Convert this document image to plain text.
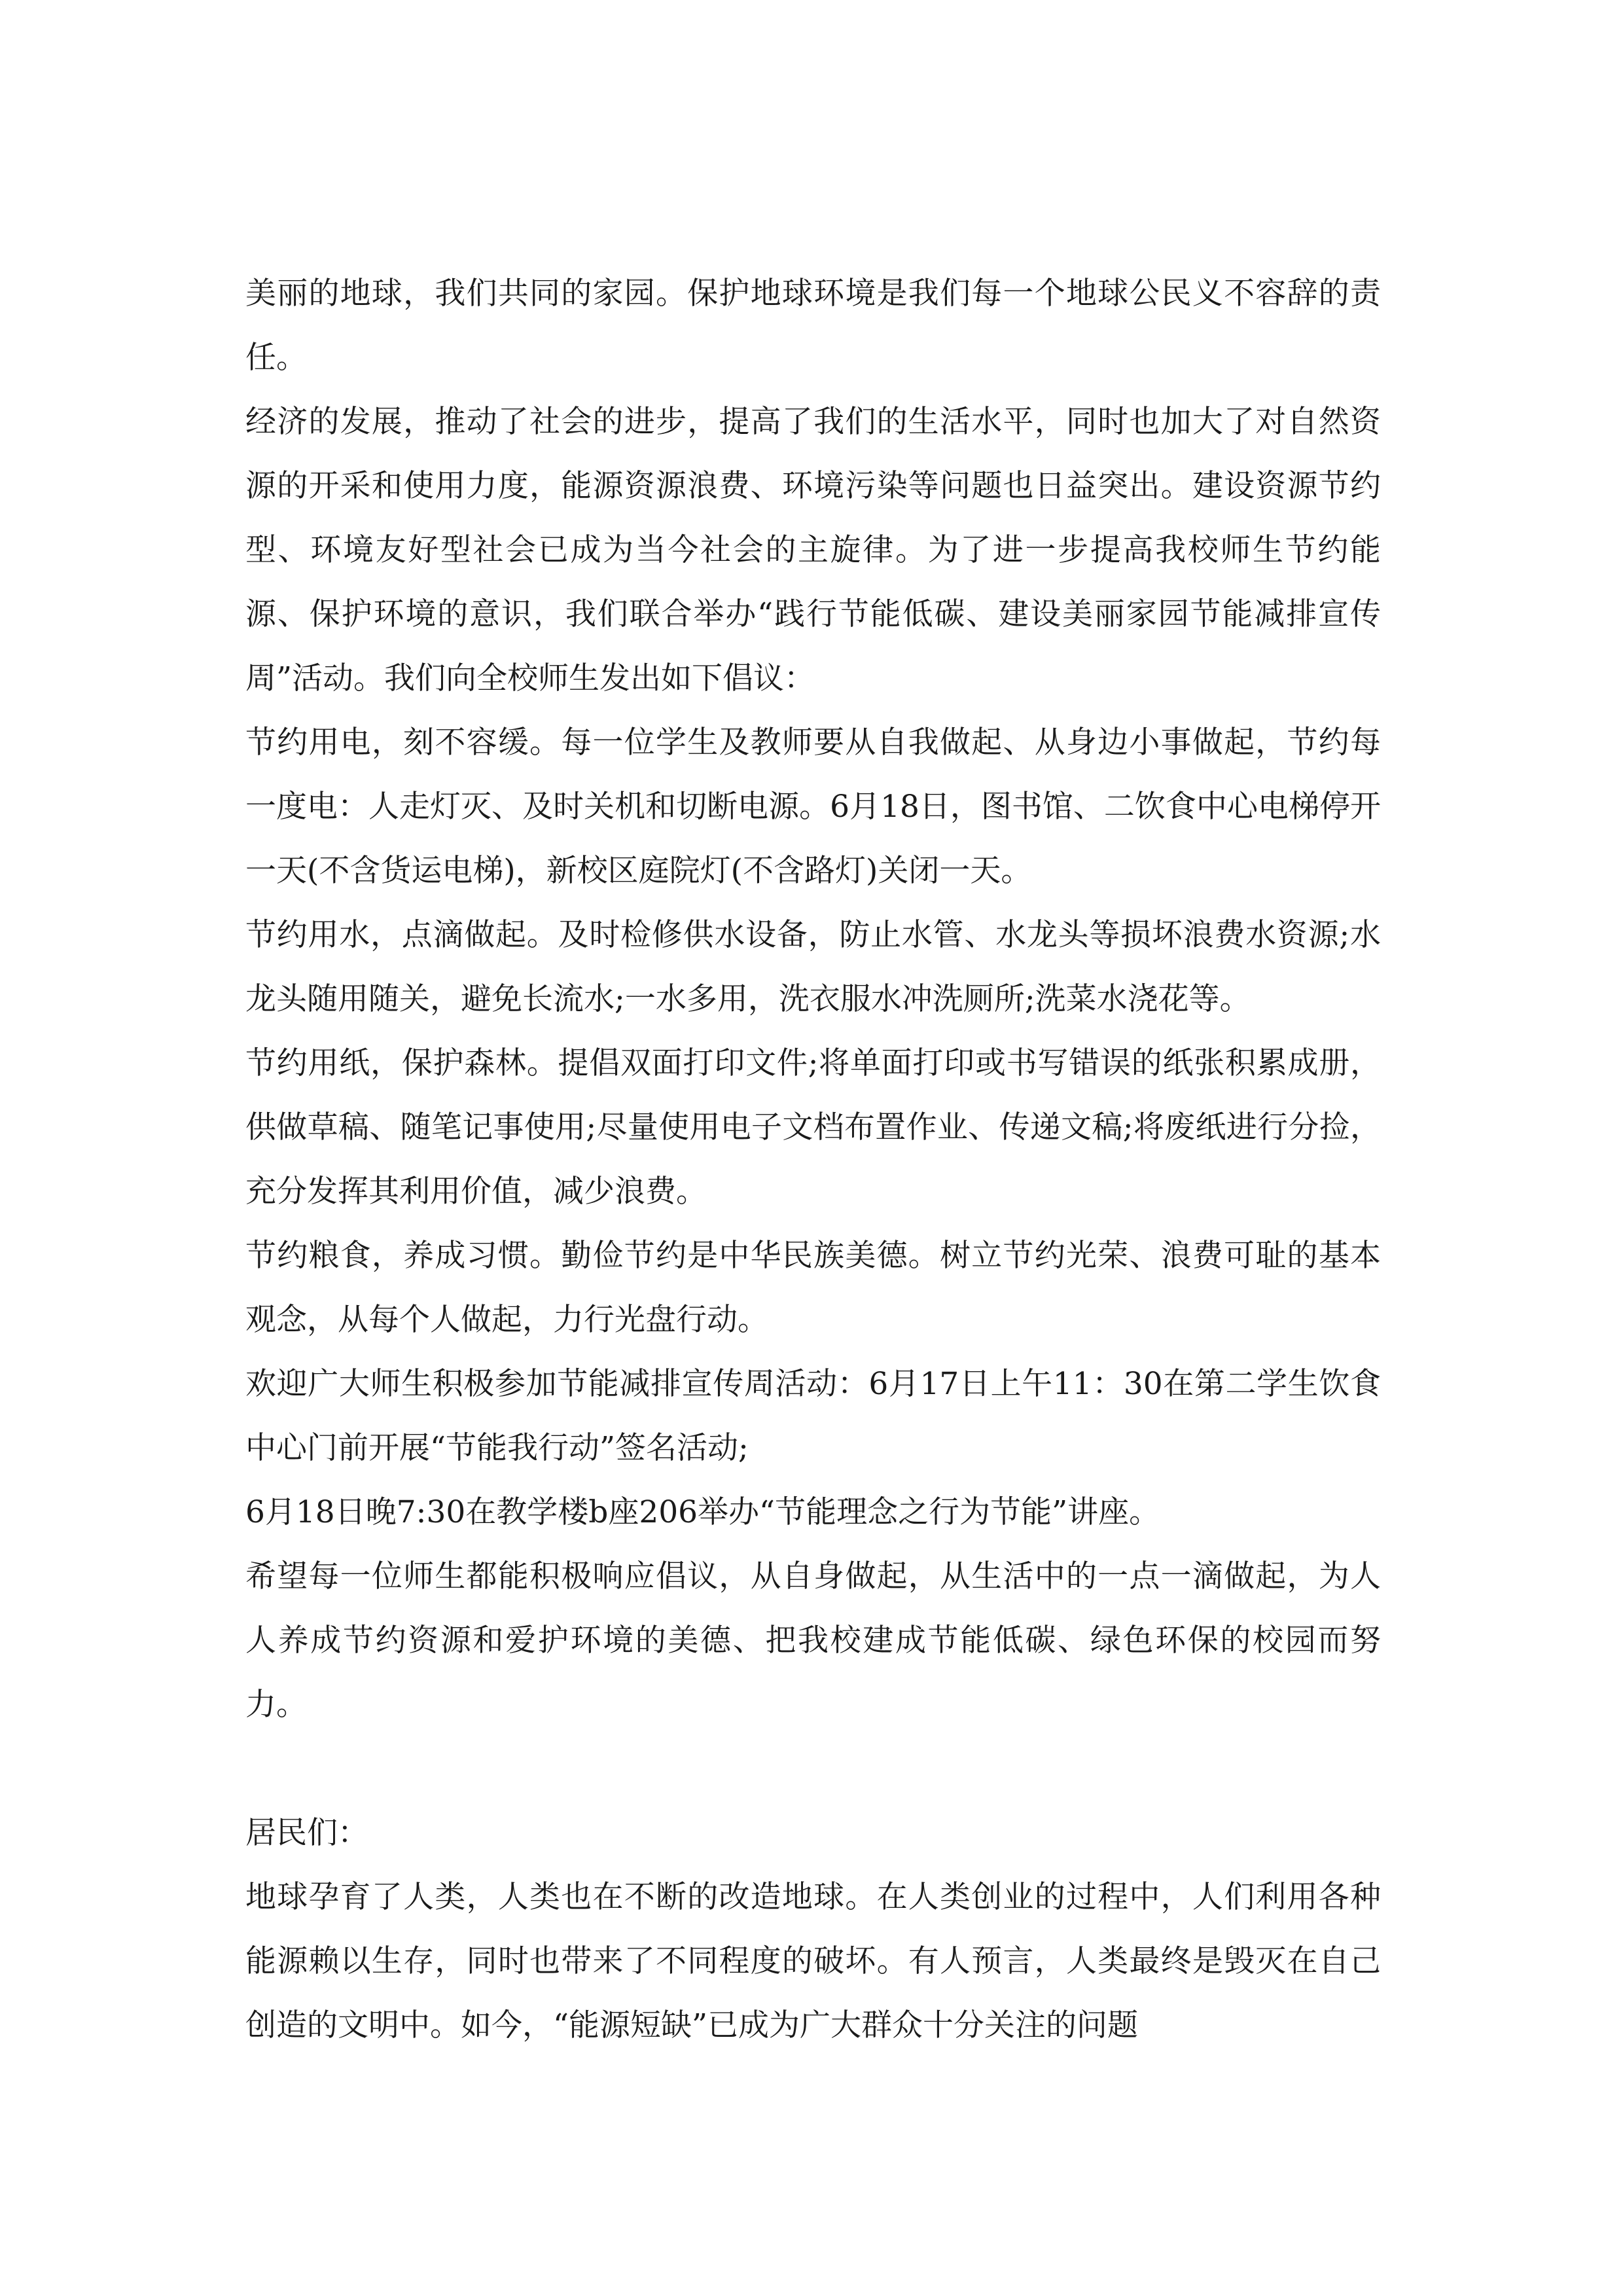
美丽的地球，我们共同的家园。保护地球环境是我们每一个地球公民义不容辞的责任。

经济的发展，推动了社会的进步，提高了我们的生活水平，同时也加大了对自然资源的开采和使用力度，能源资源浪费、环境污染等问题也日益突出。建设资源节约型、环境友好型社会已成为当今社会的主旋律。为了进一步提高我校师生节约能源、保护环境的意识，我们联合举办“践行节能低碳、建设美丽家园节能减排宣传周”活动。我们向全校师生发出如下倡议：

节约用电，刻不容缓。每一位学生及教师要从自我做起、从身边小事做起，节约每一度电：人走灯灭、及时关机和切断电源。6月18日，图书馆、二饮食中心电梯停开一天(不含货运电梯)，新校区庭院灯(不含路灯)关闭一天。

节约用水，点滴做起。及时检修供水设备，防止水管、水龙头等损坏浪费水资源;水龙头随用随关，避免长流水;一水多用，洗衣服水冲洗厕所;洗菜水浇花等。

节约用纸，保护森林。提倡双面打印文件;将单面打印或书写错误的纸张积累成册，供做草稿、随笔记事使用;尽量使用电子文档布置作业、传递文稿;将废纸进行分捡，充分发挥其利用价值，减少浪费。

节约粮食，养成习惯。勤俭节约是中华民族美德。树立节约光荣、浪费可耻的基本观念，从每个人做起，力行光盘行动。

欢迎广大师生积极参加节能减排宣传周活动：6月17日上午11：30在第二学生饮食中心门前开展“节能我行动”签名活动;

6月18日晚7:30在教学楼b座206举办“节能理念之行为节能”讲座。

希望每一位师生都能积极响应倡议，从自身做起，从生活中的一点一滴做起，为人人养成节约资源和爱护环境的美德、把我校建成节能低碳、绿色环保的校园而努力。

居民们：

地球孕育了人类，人类也在不断的改造地球。在人类创业的过程中，人们利用各种能源赖以生存，同时也带来了不同程度的破坏。有人预言，人类最终是毁灭在自己创造的文明中。如今，“能源短缺”已成为广大群众十分关注的问题
